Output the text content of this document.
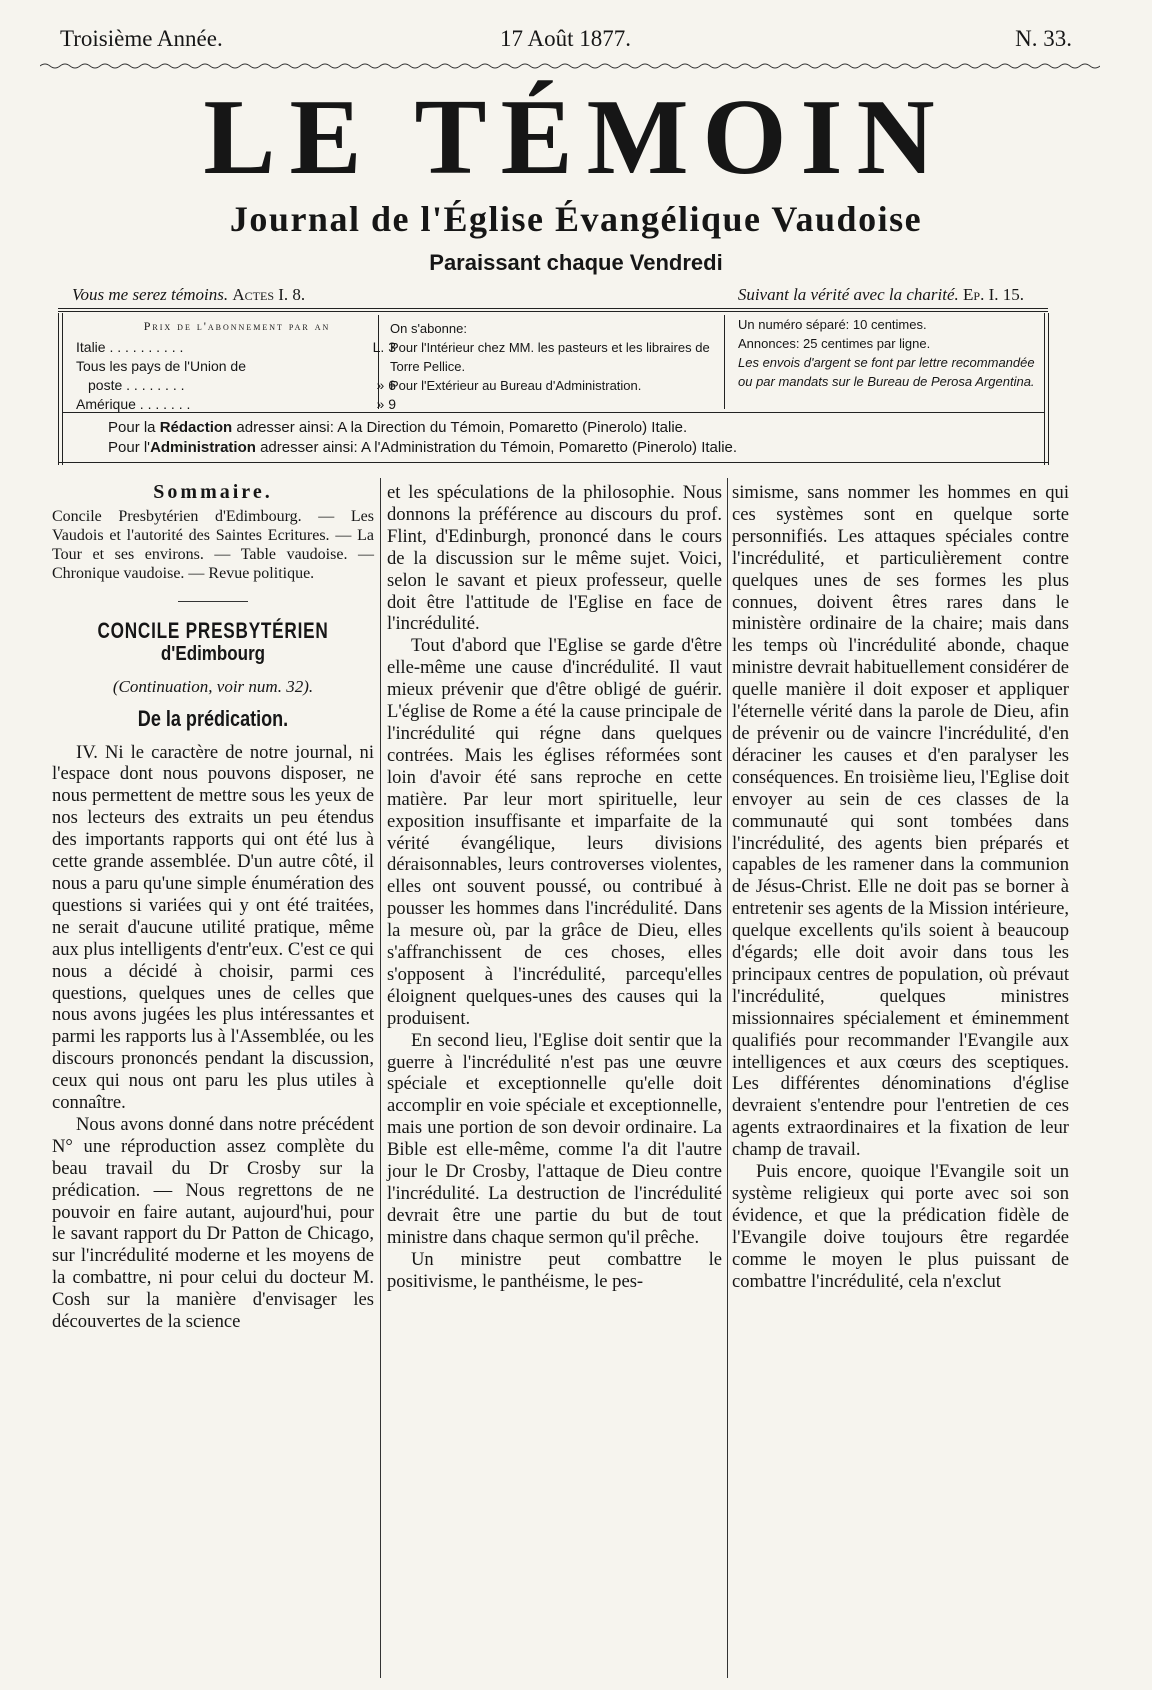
Troisième Année.	17 Août 1877.	N. 33.
LE TÉMOIN
Journal de l'Église Évangélique Vaudoise
Paraissant chaque Vendredi
Vous me serez témoins. Actes I. 8.	Suivant la vérité avec la charité. Ep. I. 15.
Prix de l'abonnement par an
Italie . . . . . . . . . .	L. 3
Tous les pays de l'Union de
poste . . . . . . . .	» 6
Amérique . . . . . . .	» 9

On s'abonne:

Pour l'Intérieur chez MM. les pasteurs et les libraires de Torre Pellice.

Pour l'Extérieur au Bureau d'Administration.

Un numéro séparé: 10 centimes.

Annonces: 25 centimes par ligne.

Les envois d'argent se font par lettre recommandée ou par mandats sur le Bureau de Perosa Argentina.

Pour la Rédaction adresser ainsi: A la Direction du Témoin, Pomaretto (Pinerolo) Italie.
Pour l'Administration adresser ainsi: A l'Administration du Témoin, Pomaretto (Pinerolo) Italie.
Sommaire.
Concile Presbytérien d'Edimbourg. — Les Vaudois et l'autorité des Saintes Ecritures. — La Tour et ses environs. — Table vaudoise. — Chronique vaudoise. — Revue politique.
CONCILE PRESBYTÉRIEN
d'Edimbourg
(Continuation, voir num. 32).
De la prédication.

IV. Ni le caractère de notre journal, ni l'espace dont nous pouvons disposer, ne nous permettent de mettre sous les yeux de nos lecteurs des extraits un peu étendus des importants rapports qui ont été lus à cette grande assemblée. D'un autre côté, il nous a paru qu'une simple énumération des questions si variées qui y ont été traitées, ne serait d'aucune utilité pratique, même aux plus intelligents d'entr'eux. C'est ce qui nous a décidé à choisir, parmi ces questions, quelques unes de celles que nous avons jugées les plus intéressantes et parmi les rapports lus à l'Assemblée, ou les discours prononcés pendant la discussion, ceux qui nous ont paru les plus utiles à connaître.

Nous avons donné dans notre précédent N° une réproduction assez complète du beau travail du Dr Crosby sur la prédication. — Nous regrettons de ne pouvoir en faire autant, aujourd'hui, pour le savant rapport du Dr Patton de Chicago, sur l'incrédulité moderne et les moyens de la combattre, ni pour celui du docteur M. Cosh sur la manière d'envisager les découvertes de la science

et les spéculations de la philosophie. Nous donnons la préférence au discours du prof. Flint, d'Edinburgh, prononcé dans le cours de la discussion sur le même sujet. Voici, selon le savant et pieux professeur, quelle doit être l'attitude de l'Eglise en face de l'incrédulité.

Tout d'abord que l'Eglise se garde d'être elle-même une cause d'incrédulité. Il vaut mieux prévenir que d'être obligé de guérir. L'église de Rome a été la cause principale de l'incrédulité qui régne dans quelques contrées. Mais les églises réformées sont loin d'avoir été sans reproche en cette matière. Par leur mort spirituelle, leur exposition insuffisante et imparfaite de la vérité évangélique, leurs divisions déraisonnables, leurs controverses violentes, elles ont souvent poussé, ou contribué à pousser les hommes dans l'incrédulité. Dans la mesure où, par la grâce de Dieu, elles s'affranchissent de ces choses, elles s'opposent à l'incrédulité, parcequ'elles éloignent quelques-unes des causes qui la produisent.

En second lieu, l'Eglise doit sentir que la guerre à l'incrédulité n'est pas une œuvre spéciale et exceptionnelle qu'elle doit accomplir en voie spéciale et exceptionnelle, mais une portion de son devoir ordinaire. La Bible est elle-même, comme l'a dit l'autre jour le Dr Crosby, l'attaque de Dieu contre l'incrédulité. La destruction de l'incrédulité devrait être une partie du but de tout ministre dans chaque sermon qu'il prêche.

Un ministre peut combattre le positivisme, le panthéisme, le pes-

simisme, sans nommer les hommes en qui ces systèmes sont en quelque sorte personnifiés. Les attaques spéciales contre l'incrédulité, et particulièrement contre quelques unes de ses formes les plus connues, doivent êtres rares dans le ministère ordinaire de la chaire; mais dans les temps où l'incrédulité abonde, chaque ministre devrait habituellement considérer de quelle manière il doit exposer et appliquer l'éternelle vérité dans la parole de Dieu, afin de prévenir ou de vaincre l'incrédulité, d'en déraciner les causes et d'en paralyser les conséquences. En troisième lieu, l'Eglise doit envoyer au sein de ces classes de la communauté qui sont tombées dans l'incrédulité, des agents bien préparés et capables de les ramener dans la communion de Jésus-Christ. Elle ne doit pas se borner à entretenir ses agents de la Mission intérieure, quelque excellents qu'ils soient à beaucoup d'égards; elle doit avoir dans tous les principaux centres de population, où prévaut l'incrédulité, quelques ministres missionnaires spécialement et éminemment qualifiés pour recommander l'Evangile aux intelligences et aux cœurs des sceptiques. Les différentes dénominations d'église devraient s'entendre pour l'entretien de ces agents extraordinaires et la fixation de leur champ de travail.

Puis encore, quoique l'Evangile soit un système religieux qui porte avec soi son évidence, et que la prédication fidèle de l'Evangile doive toujours être regardée comme le moyen le plus puissant de combattre l'incrédulité, cela n'exclut
